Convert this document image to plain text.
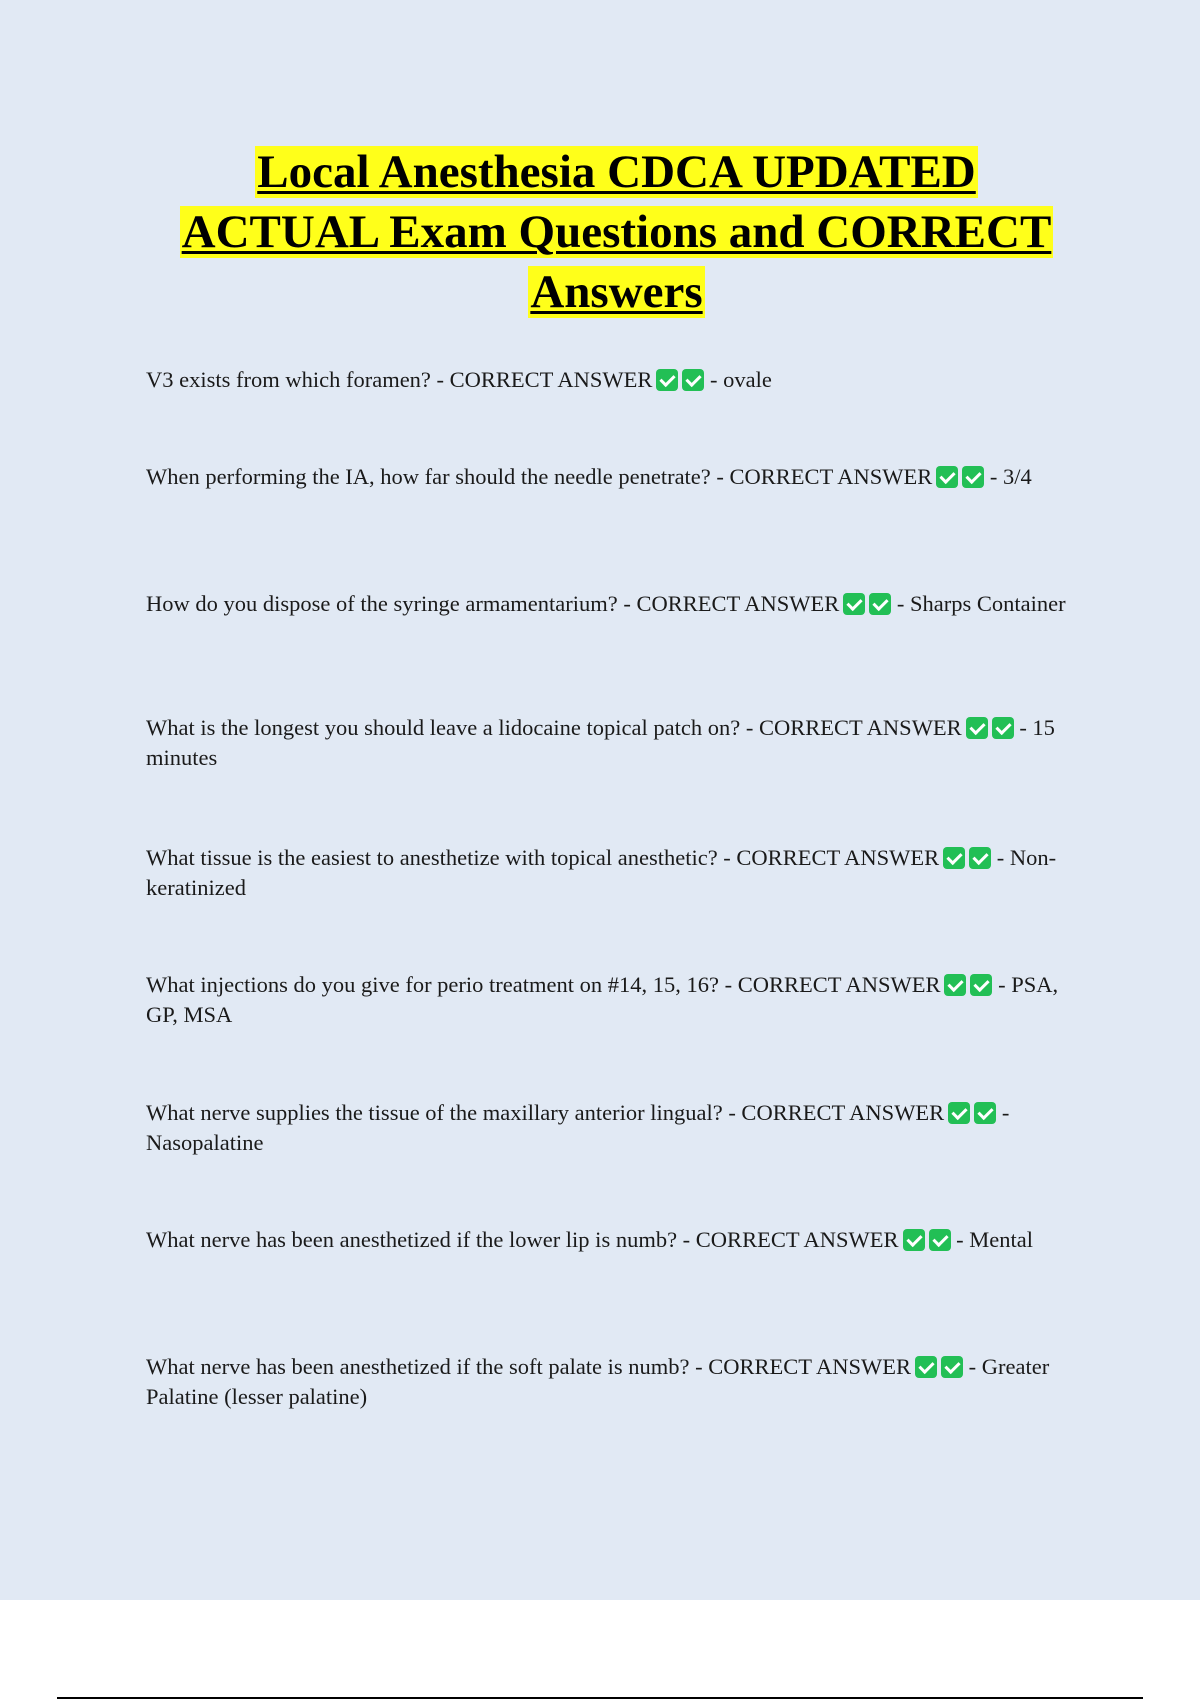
Local Anesthesia CDCA UPDATED
ACTUAL Exam Questions and CORRECT
Answers

V3 exists from which foramen? - CORRECT ANSWER - ovale

When performing the IA, how far should the needle penetrate? - CORRECT ANSWER - 3/4

How do you dispose of the syringe armamentarium? - CORRECT ANSWER - Sharps Container

What is the longest you should leave a lidocaine topical patch on? - CORRECT ANSWER - 15 minutes

What tissue is the easiest to anesthetize with topical anesthetic? - CORRECT ANSWER - Non-keratinized

What injections do you give for perio treatment on #14, 15, 16? - CORRECT ANSWER - PSA, GP, MSA

What nerve supplies the tissue of the maxillary anterior lingual? - CORRECT ANSWER - Nasopalatine

What nerve has been anesthetized if the lower lip is numb? - CORRECT ANSWER - Mental

What nerve has been anesthetized if the soft palate is numb? - CORRECT ANSWER - Greater Palatine (lesser palatine)
